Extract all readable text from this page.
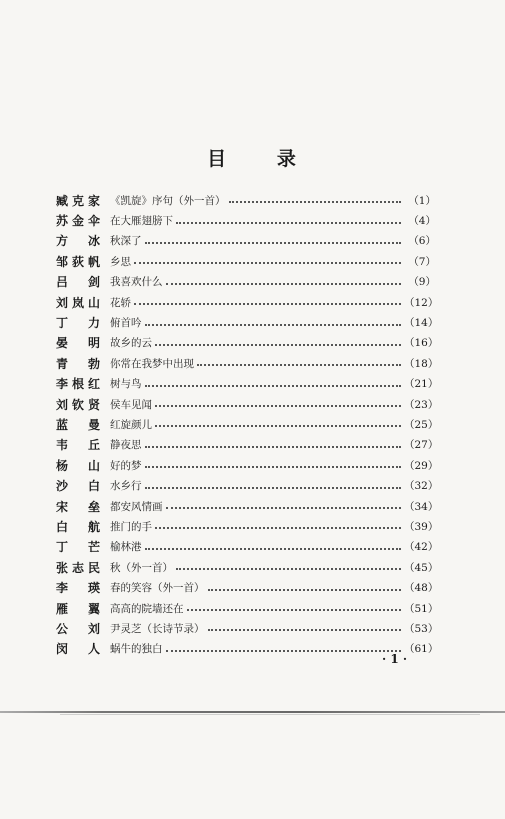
目	录
臧克家 《凯旋》序句（外一首）	（1）
苏金伞 在大雁翅膀下	（4）
方　冰 秋深了	（6）
邹荻帆 乡思	（7）
吕　剑 我喜欢什么	（9）
刘岚山 花轿	（12）
丁　力 俯首吟	（14）
晏　明 故乡的云	（16）
青　勃 你常在我梦中出现	（18）
李根红 树与鸟	（21）
刘钦贤 侯车见闻	（23）
蓝　曼 红旋颜儿	（25）
韦　丘 静夜思	（27）
杨　山 好的梦	（29）
沙　白 水乡行	（32）
宋　垒 都安风情画	（34）
白　航 推门的手	（39）
丁　芒 榆林港	（42）
张志民 秋（外一首）	（45）
李　瑛 春的笑容（外一首）	（48）
雁　翼 高高的院墙还在	（51）
公　刘 尹灵芝（长诗节录）	（53）
闵　人 蜗牛的独白	（61）
· 1 ·
